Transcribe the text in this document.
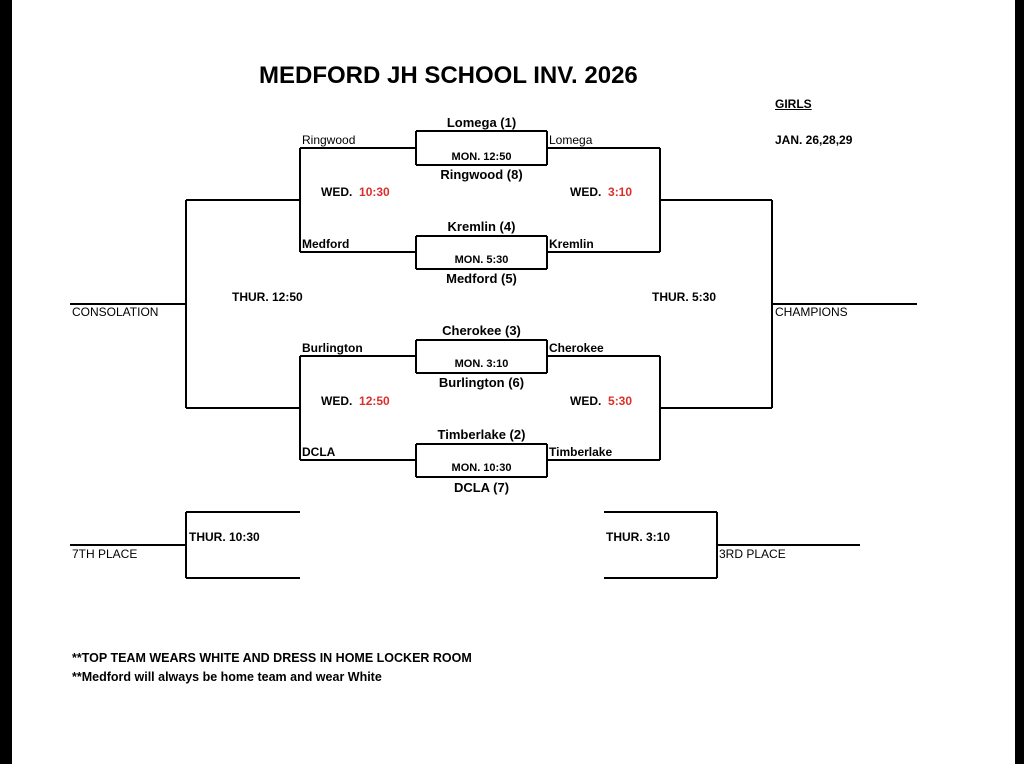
MEDFORD JH SCHOOL INV. 2026
GIRLS
JAN. 26,28,29
Lomega (1)
MON. 12:50
Ringwood (8)
Kremlin (4)
MON. 5:30
Medford (5)
Cherokee (3)
MON. 3:10
Burlington (6)
Timberlake (2)
MON. 10:30
DCLA (7)
Ringwood
Medford
Burlington
DCLA
Lomega
Kremlin
Cherokee
Timberlake
WED. 10:30	WED. 3:10
WED. 12:50	WED. 5:30
THUR. 12:50	THUR. 5:30
THUR. 10:30	THUR. 3:10
CONSOLATION	CHAMPIONS
7TH PLACE	3RD PLACE
**TOP TEAM WEARS WHITE AND DRESS IN HOME LOCKER ROOM
**Medford will always be home team and wear White
